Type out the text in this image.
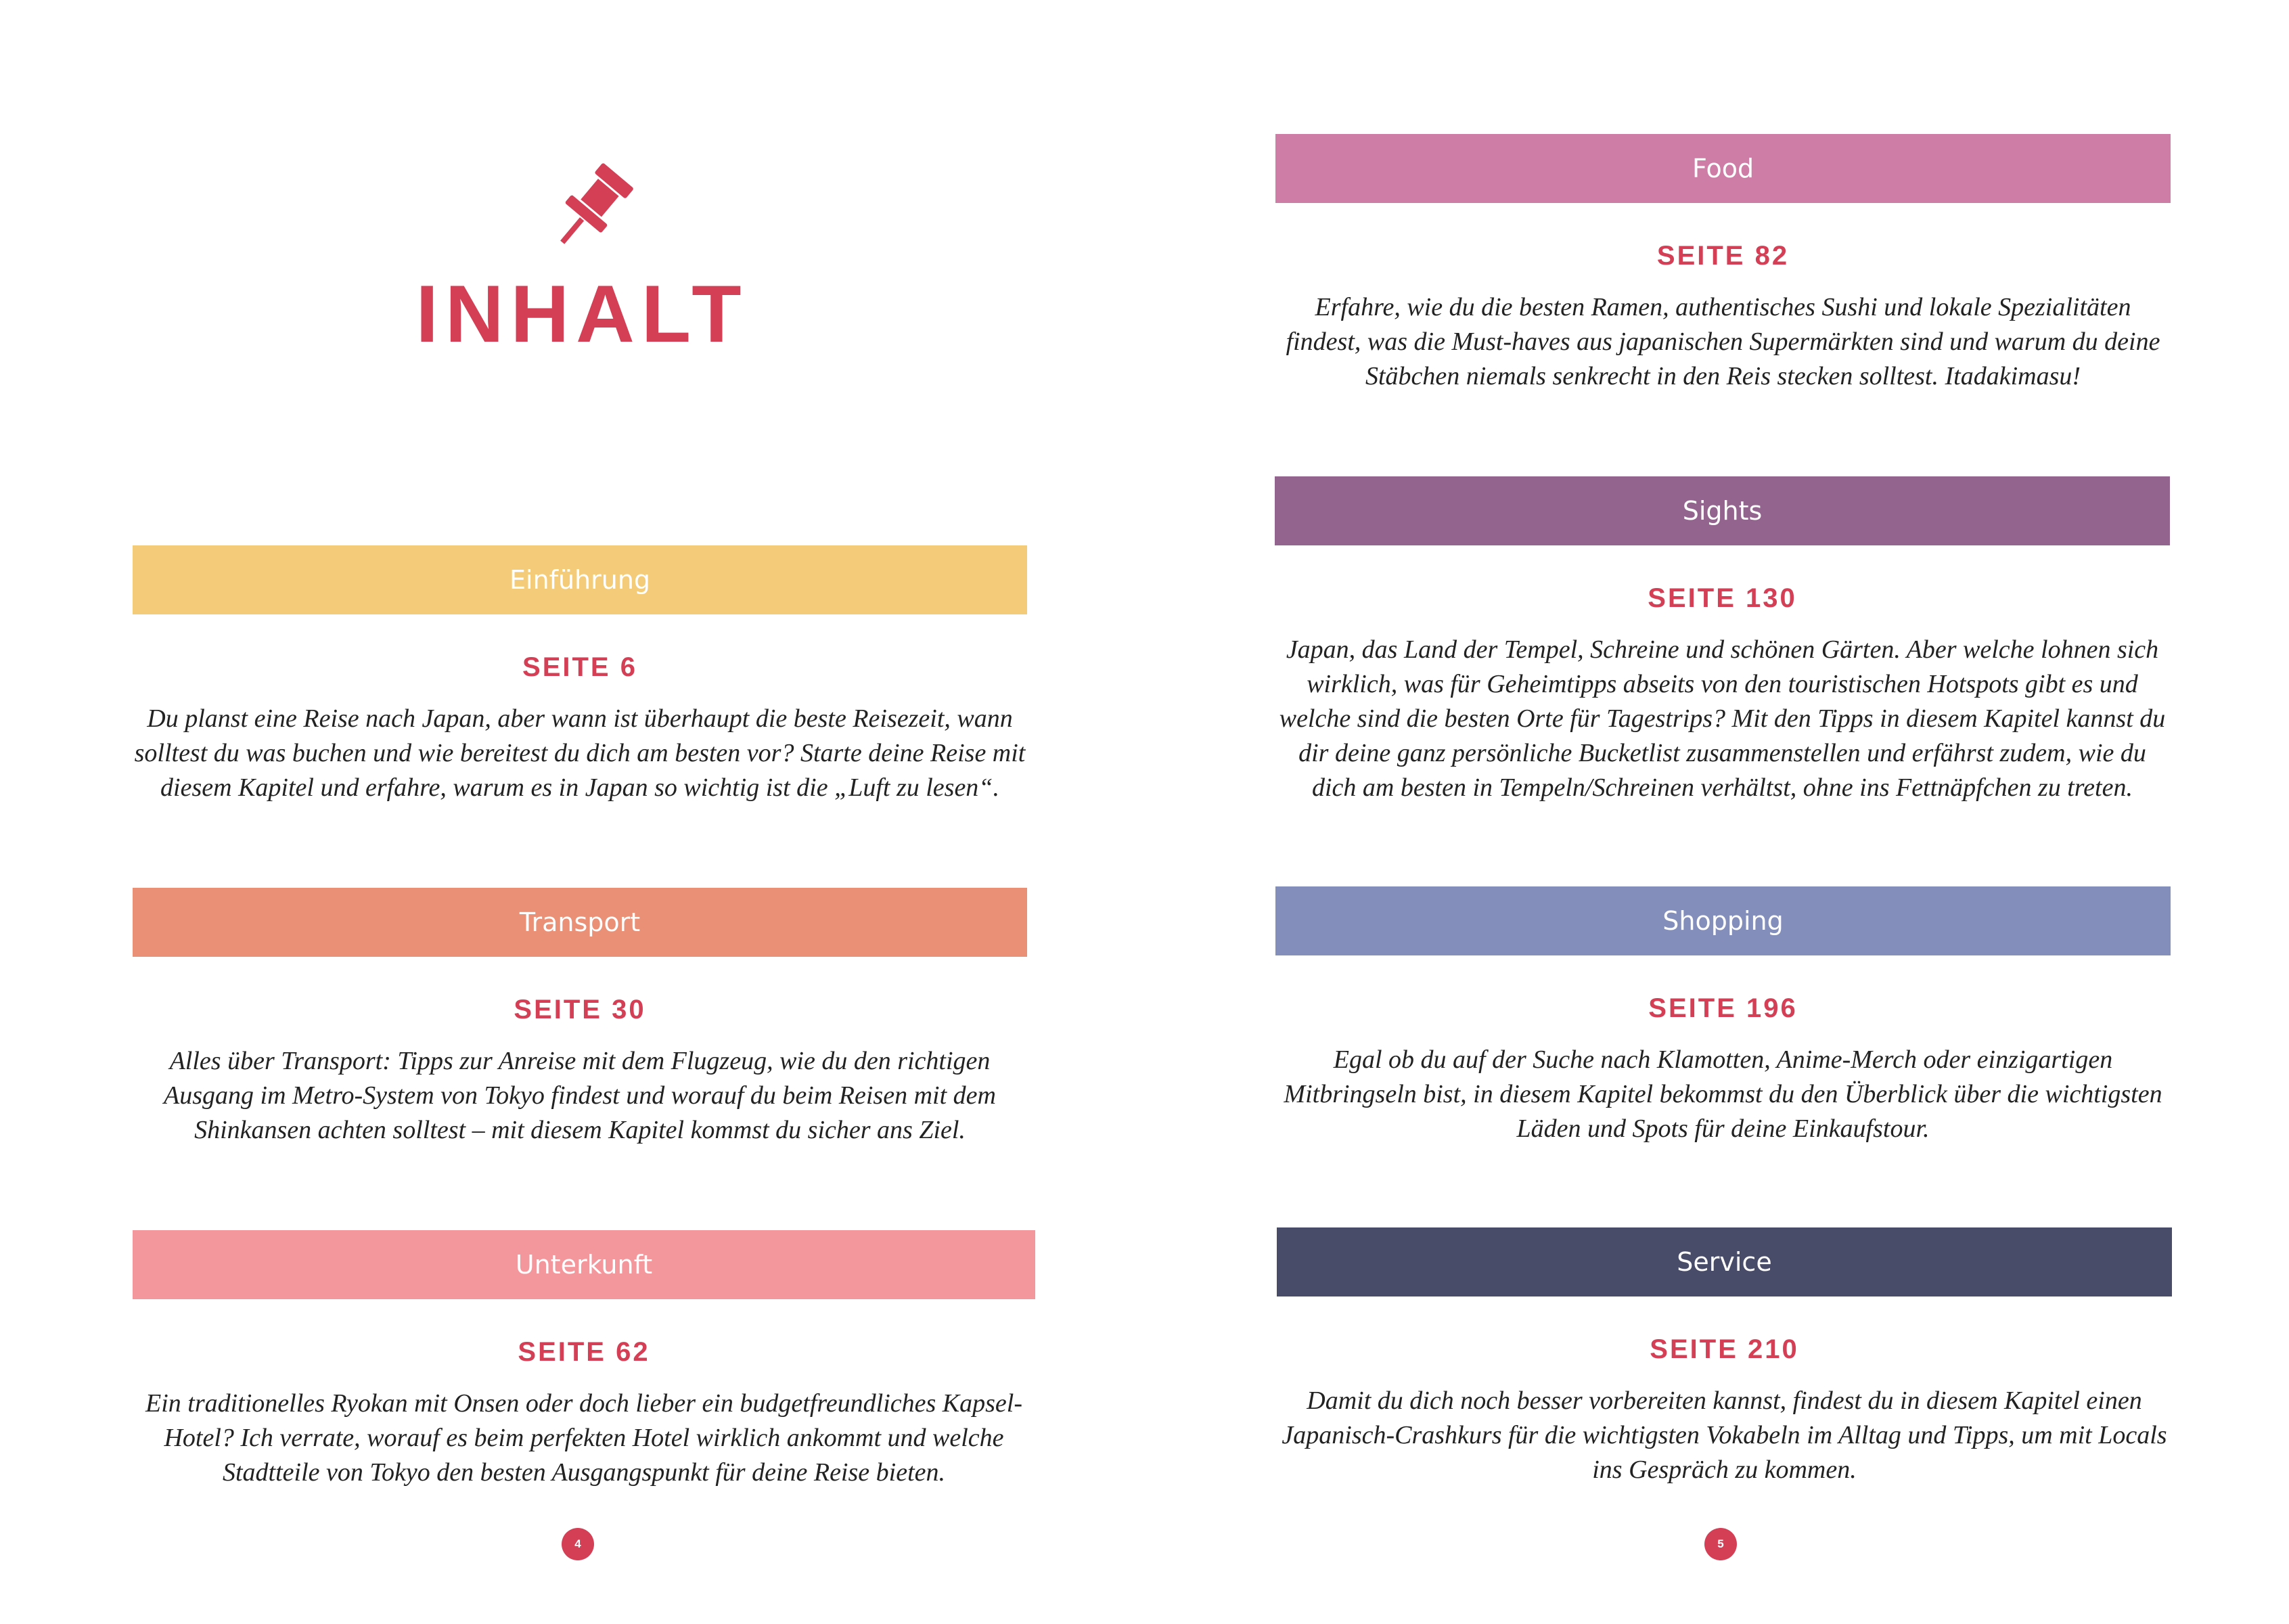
INHALT
Einführung
SEITE 6
Du planst eine Reise nach Japan, aber wann ist überhaupt die beste Reisezeit, wann solltest du was buchen und wie bereitest du dich am besten vor? Starte deine Reise mit diesem Kapitel und erfahre, warum es in Japan so wichtig ist die „Luft zu lesen“.
Transport
SEITE 30
Alles über Transport: Tipps zur Anreise mit dem Flugzeug, wie du den richtigen Ausgang im Metro-System von Tokyo findest und worauf du beim Reisen mit dem Shinkansen achten solltest – mit diesem Kapitel kommst du sicher ans Ziel.
Unterkunft
SEITE 62
Ein traditionelles Ryokan mit Onsen oder doch lieber ein budgetfreundliches Kapsel-Hotel? Ich verrate, worauf es beim perfekten Hotel wirklich ankommt und welche Stadtteile von Tokyo den besten Ausgangspunkt für deine Reise bieten.
4
Food
SEITE 82
Erfahre, wie du die besten Ramen, authentisches Sushi und lokale Spezialitäten findest, was die Must-haves aus japanischen Supermärkten sind und warum du deine Stäbchen niemals senkrecht in den Reis stecken solltest. Itadakimasu!
Sights
SEITE 130
Japan, das Land der Tempel, Schreine und schönen Gärten. Aber welche lohnen sich wirklich, was für Geheimtipps abseits von den touristischen Hotspots gibt es und welche sind die besten Orte für Tagestrips? Mit den Tipps in diesem Kapitel kannst du dir deine ganz persönliche Bucketlist zusammenstellen und erfährst zudem, wie du dich am besten in Tempeln/Schreinen verhältst, ohne ins Fettnäpfchen zu treten.
Shopping
SEITE 196
Egal ob du auf der Suche nach Klamotten, Anime-Merch oder einzigartigen Mitbringseln bist, in diesem Kapitel bekommst du den Überblick über die wichtigsten Läden und Spots für deine Einkaufstour.
Service
SEITE 210
Damit du dich noch besser vorbereiten kannst, findest du in diesem Kapitel einen Japanisch-Crashkurs für die wichtigsten Vokabeln im Alltag und Tipps, um mit Locals ins Gespräch zu kommen.
5
